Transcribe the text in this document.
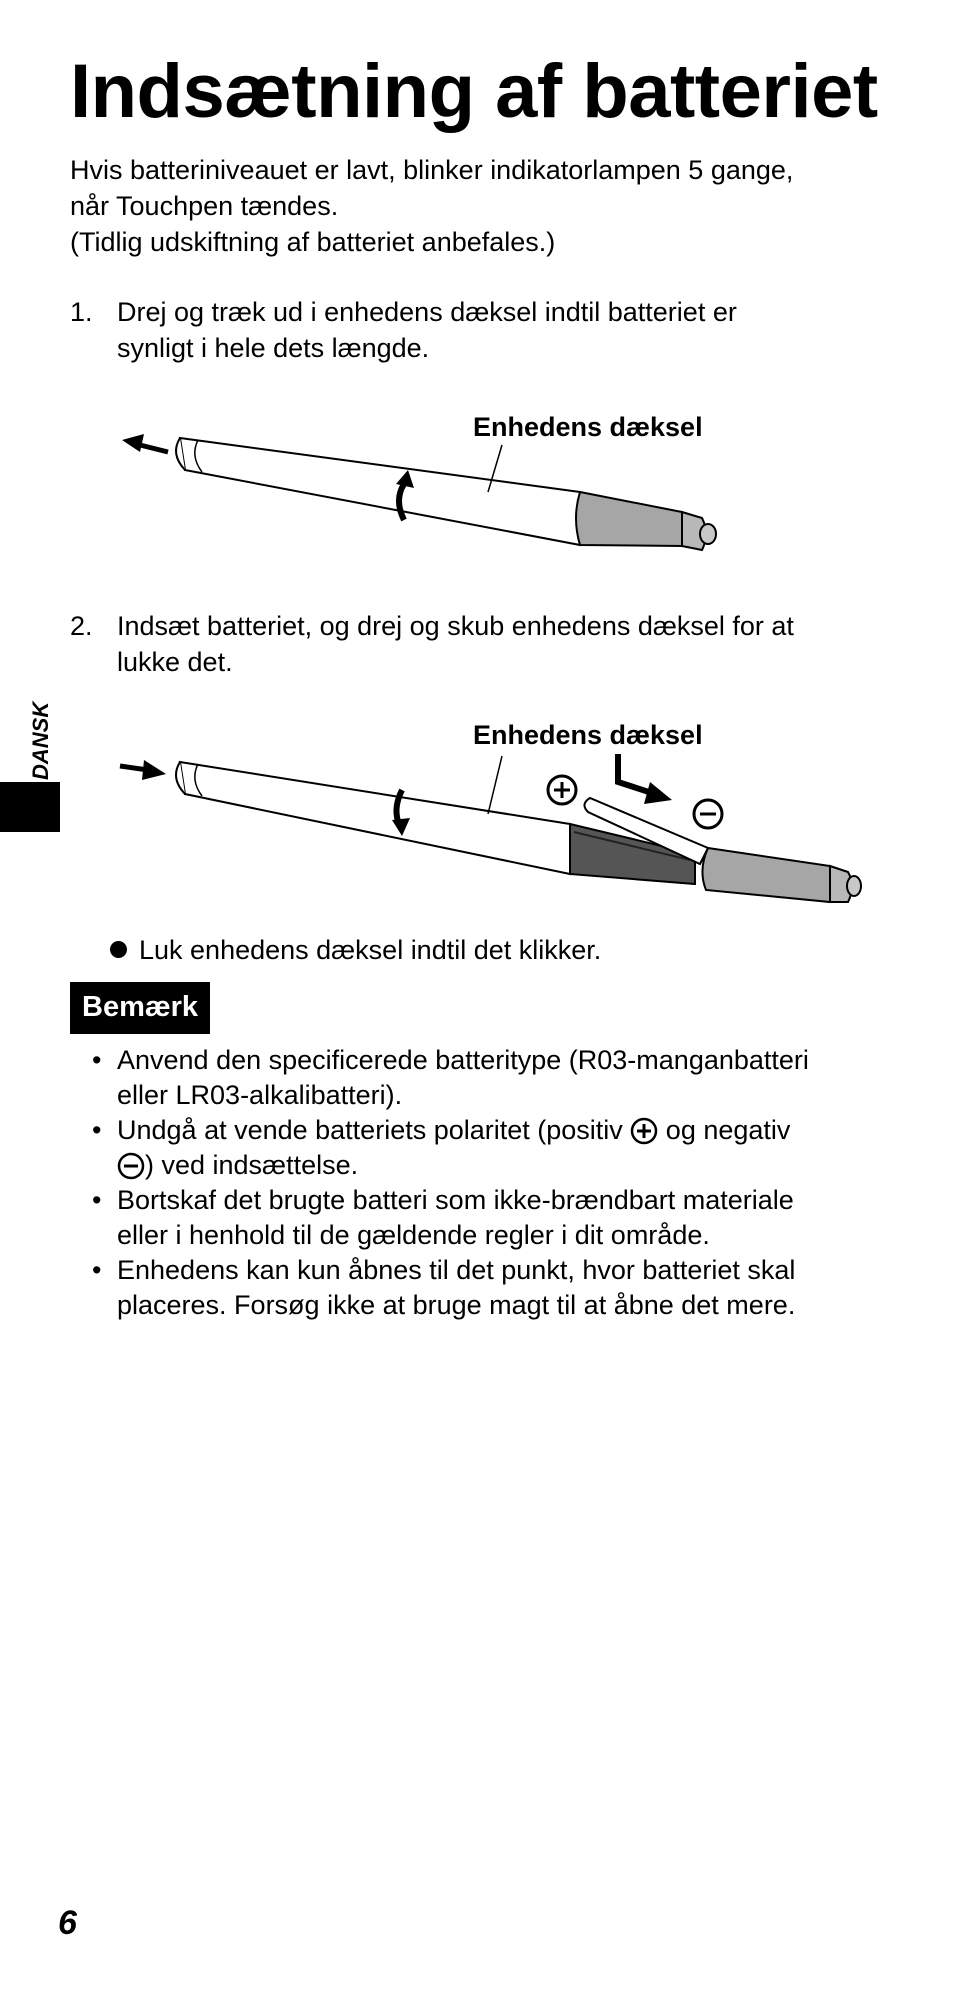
Indsætning af batteriet
Hvis batteriniveauet er lavt, blinker indikatorlampen 5 gange,
når Touchpen tændes.
(Tidlig udskiftning af batteriet anbefales.)
1. Drej og træk ud i enhedens dæksel indtil batteriet er
synligt i hele dets længde.
Enhedens dæksel
2. Indsæt batteriet, og drej og skub enhedens dæksel for at
lukke det.
Enhedens dæksel
Luk enhedens dæksel indtil det klikker.
Bemærk
• Anvend den specificerede batteritype (R03-manganbatteri
eller LR03-alkalibatteri).
• Undgå at vende batteriets polaritet (positiv  og negativ
) ved indsættelse.
• Bortskaf det brugte batteri som ikke-brændbart materiale
eller i henhold til de gældende regler i dit område.
• Enhedens kan kun åbnes til det punkt, hvor batteriet skal
placeres. Forsøg ikke at bruge magt til at åbne det mere.
DANSK
6
